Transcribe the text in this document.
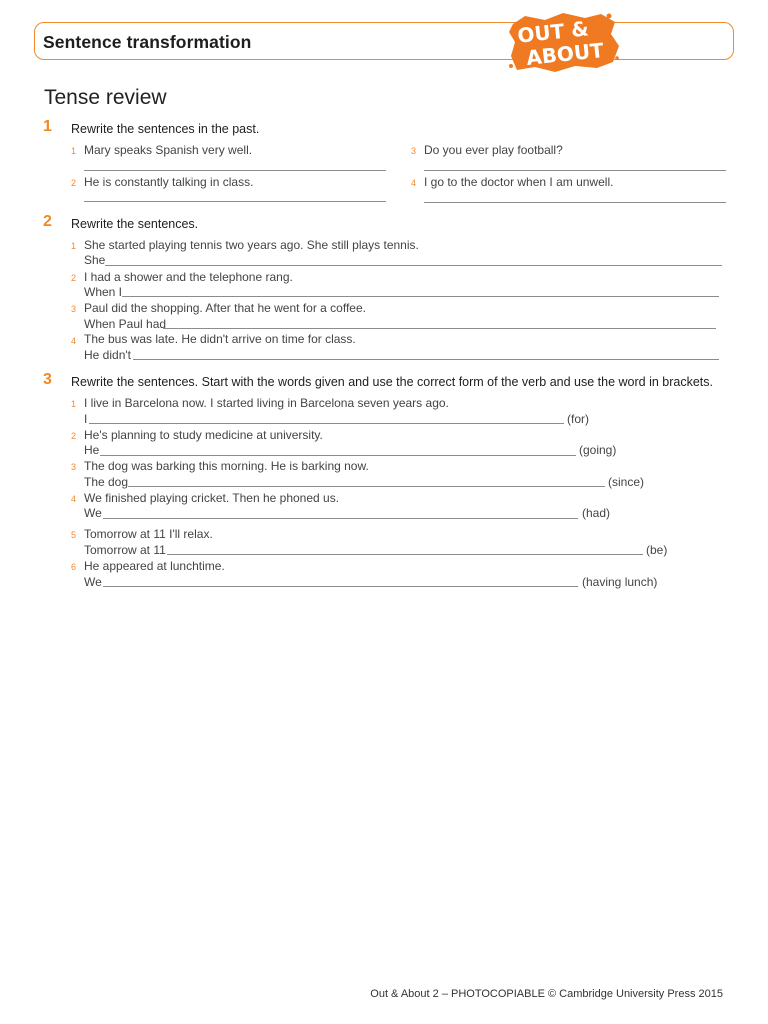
Sentence transformation	OUT &
ABOUT
Tense review
1 Rewrite the sentences in the past.
1 Mary speaks Spanish very well.
2 He is constantly talking in class.
3 Do you ever play football?
4 I go to the doctor when I am unwell.
2 Rewrite the sentences.
1 She started playing tennis two years ago. She still plays tennis.
She
2 I had a shower and the telephone rang.
When I
3 Paul did the shopping. After that he went for a coffee.
When Paul had
4 The bus was late. He didn't arrive on time for class.
He didn't
3 Rewrite the sentences. Start with the words given and use the correct form of the verb and use the word in brackets.
1 I live in Barcelona now. I started living in Barcelona seven years ago.
I	(for)
2 He's planning to study medicine at university.
He	(going)
3 The dog was barking this morning. He is barking now.
The dog	(since)
4 We finished playing cricket. Then he phoned us.
We	(had)
5 Tomorrow at 11 I'll relax.
Tomorrow at 11	(be)
6 He appeared at lunchtime.
We	(having lunch)
Out & About 2 – PHOTOCOPIABLE © Cambridge University Press 2015
